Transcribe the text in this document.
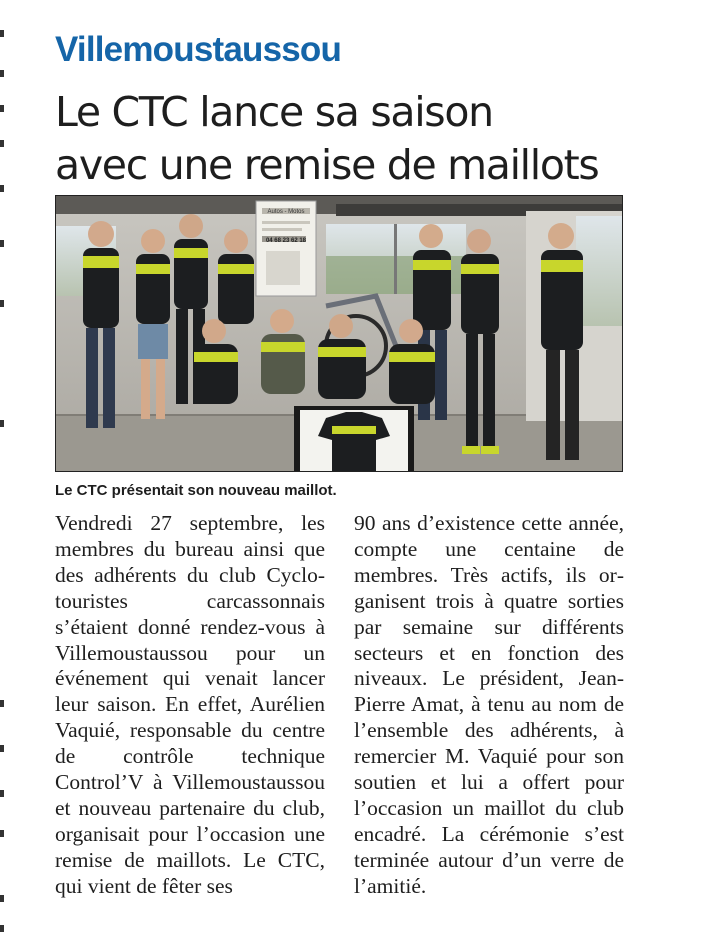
Villemoustaussou
Le CTC lance sa saison
avec une remise de maillots
Autos - Motos
04 68 23 62 18

Le CTC présentait son nouveau maillot.

Vendredi 27 septembre, les membres du bureau ainsi que des adhérents du club Cyclotouristes carcassonnais s’étaient donné rendez-vous à Villemoustaussou pour un événement qui venait lancer leur saison. En effet, Aurélien Vaquié, responsable du centre de contrôle technique Control’V à Villemoustaussou et nouveau partenaire du club, organisait pour l’occasion une remise de maillots. Le CTC, qui vient de fêter ses

90 ans d’existence cette année, compte une centaine de membres. Très actifs, ils organisent trois à quatre sorties par semaine sur différents secteurs et en fonction des niveaux. Le président, Jean-Pierre Amat, à tenu au nom de l’ensemble des adhérents, à remercier M. Vaquié pour son soutien et lui a offert pour l’occasion un maillot du club encadré. La cérémonie s’est terminée autour d’un verre de l’amitié.
